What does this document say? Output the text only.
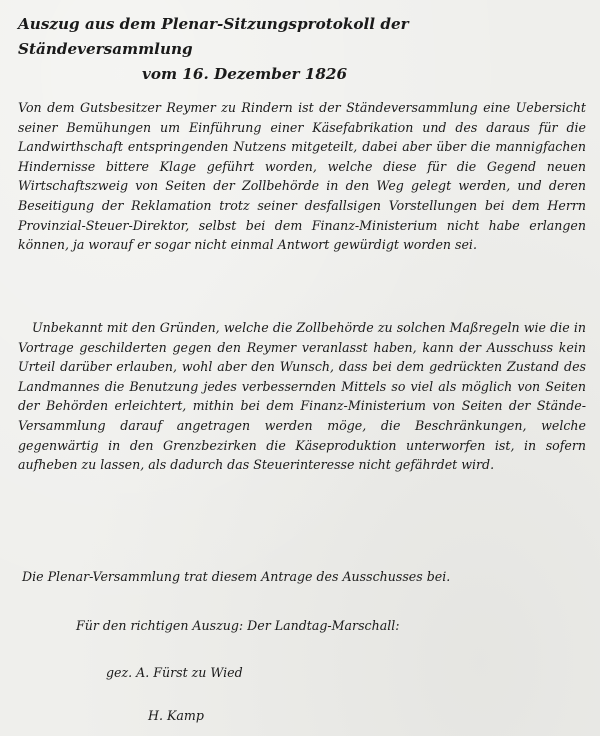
Auszug aus dem Plenar-Sitzungsprotokoll der Ständeversammlung
vom 16. Dezember 1826

Von dem Gutsbesitzer Reymer zu Rindern ist der Ständeversammlung eine Uebersicht seiner Bemühungen um Einführung einer Käsefabrikation und des daraus für die Landwirthschaft entspringenden Nutzens mitgeteilt, dabei aber über die mannigfachen Hindernisse bittere Klage geführt worden, welche diese für die Gegend neuen Wirtschaftszweig von Seiten der Zollbehörde in den Weg gelegt werden, und deren Beseitigung der Reklamation trotz seiner desfallsigen Vorstellungen bei dem Herrn Provinzial-Steuer-Direktor, selbst bei dem Finanz-Ministerium nicht habe erlangen können, ja worauf er sogar nicht einmal Antwort gewürdigt worden sei.

Unbekannt mit den Gründen, welche die Zollbehörde zu solchen Maßregeln wie die in Vortrage geschilderten gegen den Reymer veranlasst haben, kann der Ausschuss kein Urteil darüber erlauben, wohl aber den Wunsch, dass bei dem gedrückten Zustand des Landmannes die Benutzung jedes verbessernden Mittels so viel als möglich von Seiten der Behörden erleichtert, mithin bei dem Finanz-Ministerium von Seiten der Stände-Versammlung darauf angetragen werden möge, die Beschränkungen, welche gegenwärtig in den Grenzbezirken die Käseproduktion unterworfen ist, in sofern aufheben zu lassen, als dadurch das Steuerinteresse nicht gefährdet wird.

Die Plenar-Versammlung trat diesem Antrage des Ausschusses bei.
Für den richtigen Auszug: Der Landtag-Marschall:
gez. A. Fürst zu Wied
H. Kamp
